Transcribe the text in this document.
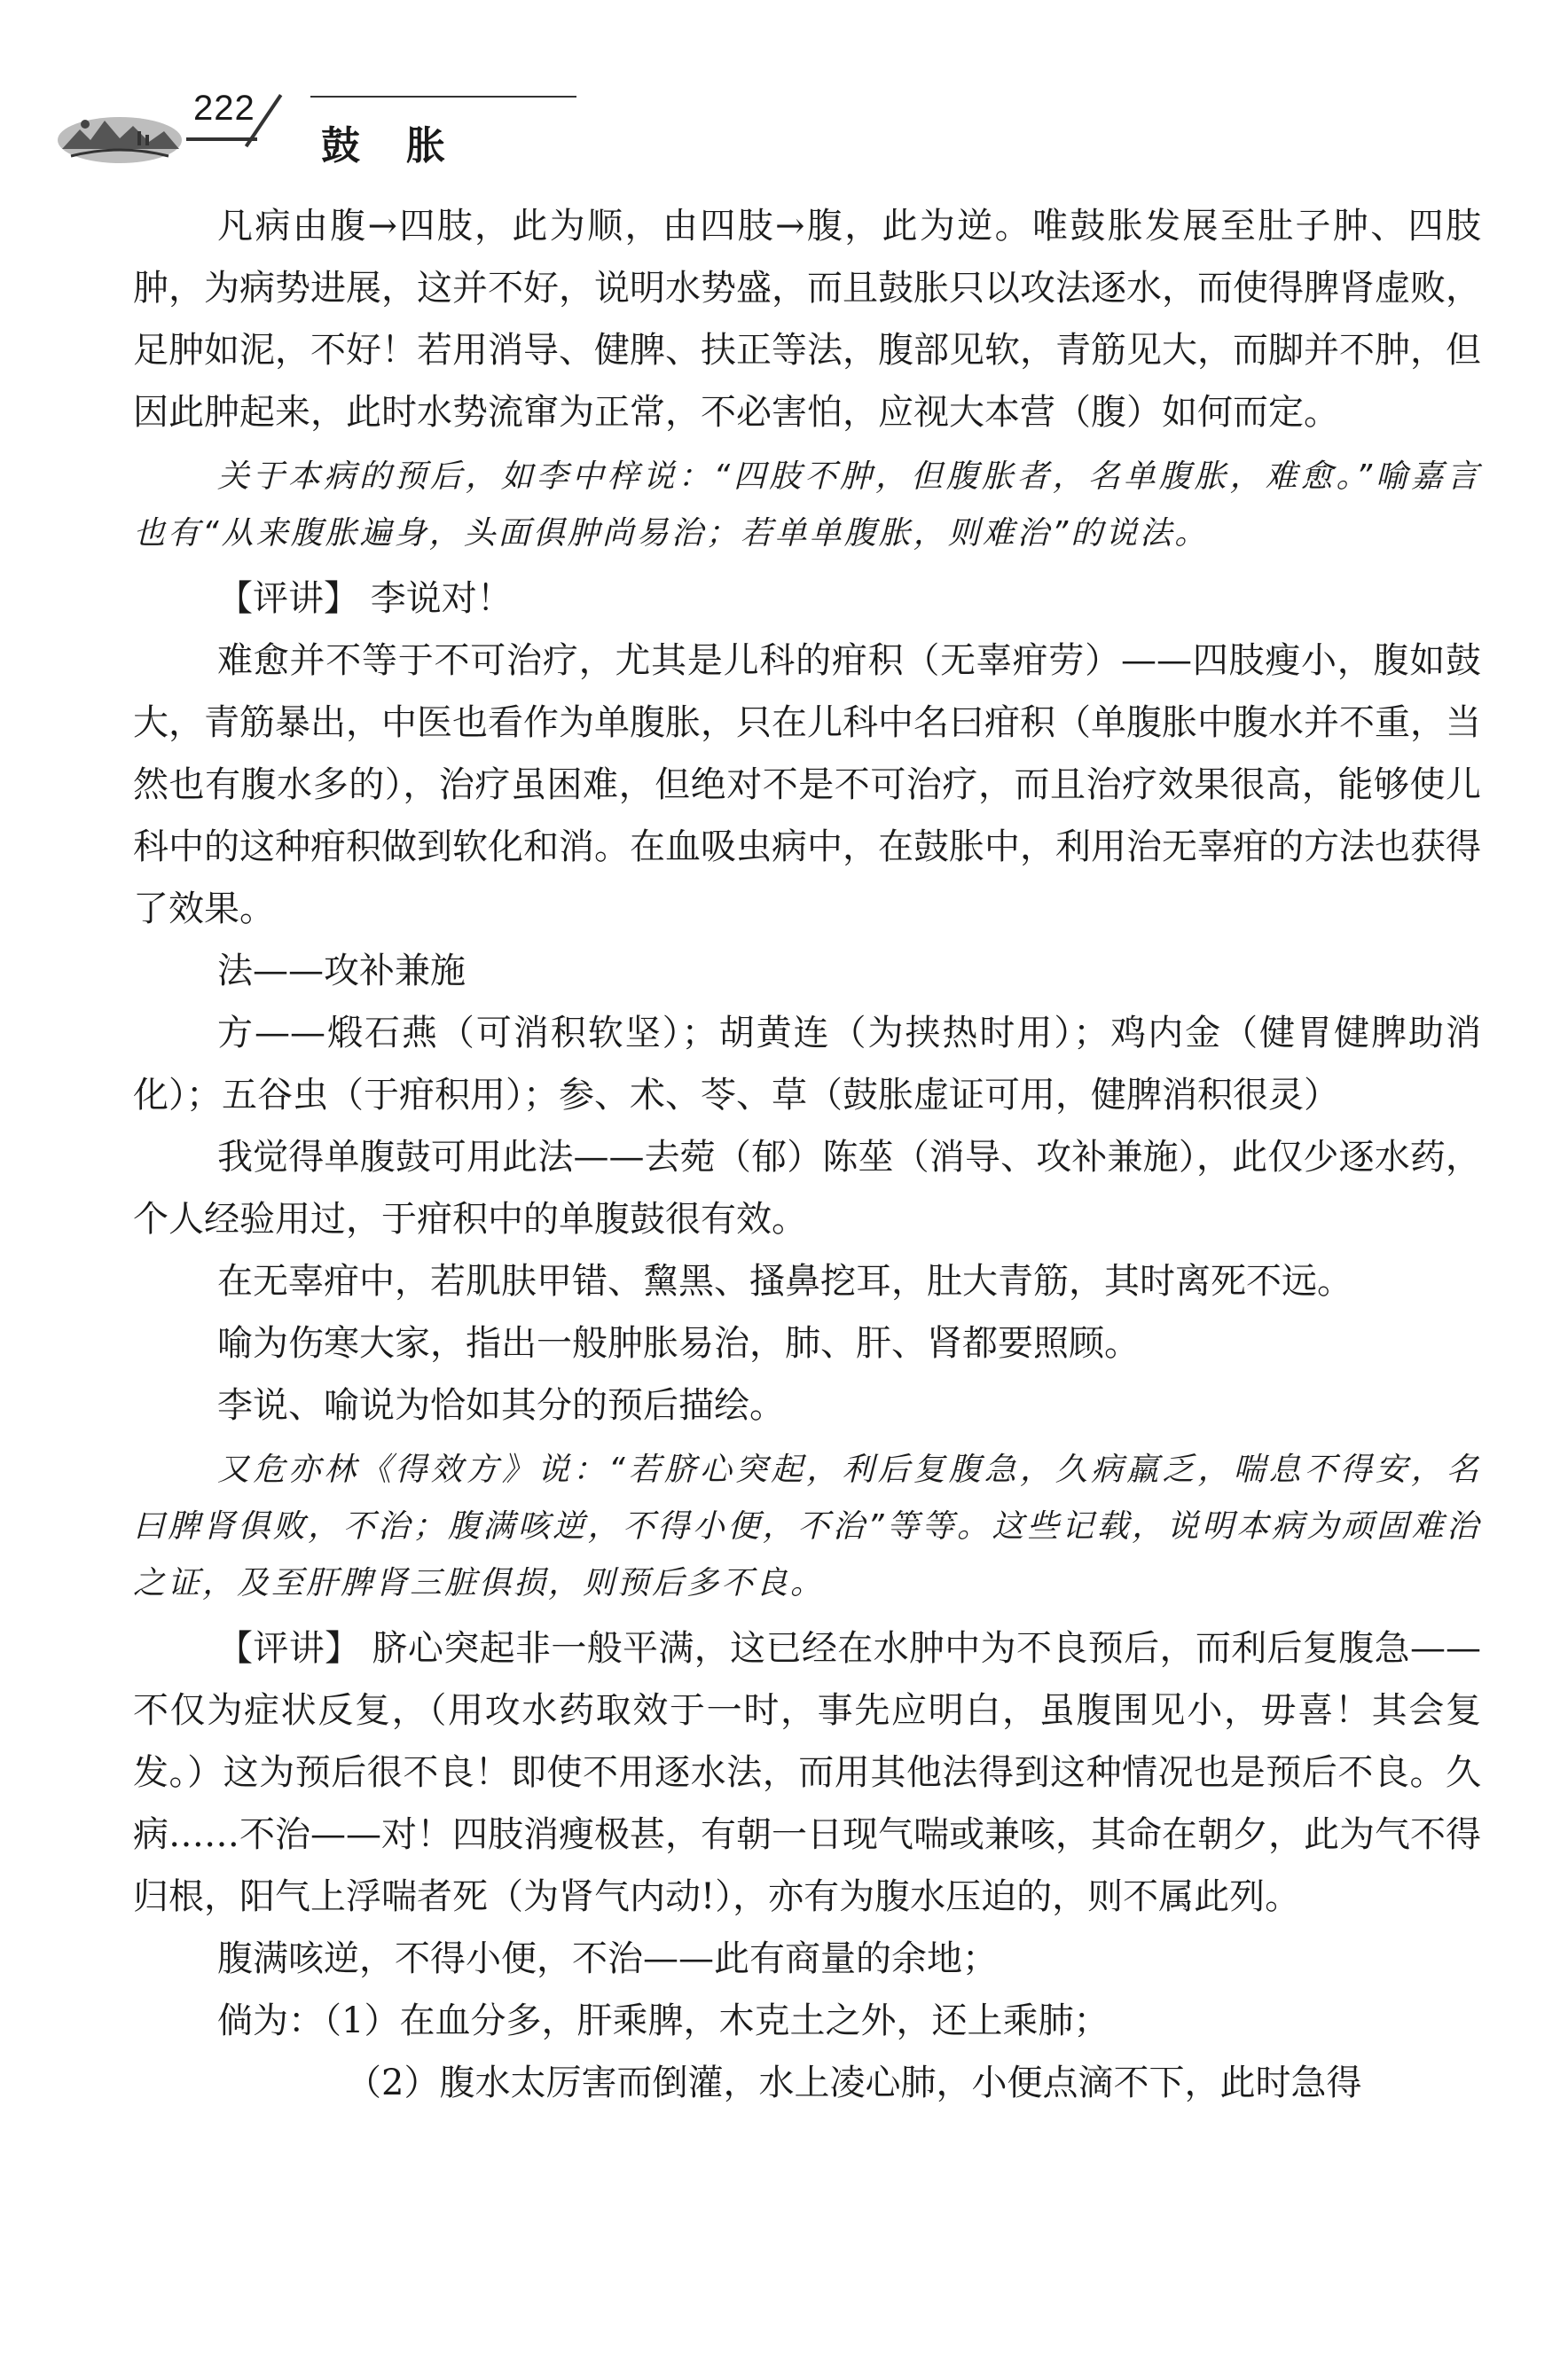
222
鼓胀

凡病由腹→四肢，此为顺，由四肢→腹，此为逆。唯鼓胀发展至肚子肿、四肢肿，为病势进展，这并不好，说明水势盛，而且鼓胀只以攻法逐水，而使得脾肾虚败，足肿如泥，不好！若用消导、健脾、扶正等法，腹部见软，青筋见大，而脚并不肿，但因此肿起来，此时水势流窜为正常，不必害怕，应视大本营（腹）如何而定。

关于本病的预后，如李中梓说：“四肢不肿，但腹胀者，名单腹胀，难愈。”喻嘉言也有“从来腹胀遍身，头面俱肿尚易治；若单单腹胀，则难治”的说法。

【评讲】 李说对！

难愈并不等于不可治疗，尤其是儿科的疳积（无辜疳劳）——四肢瘦小，腹如鼓大，青筋暴出，中医也看作为单腹胀，只在儿科中名曰疳积（单腹胀中腹水并不重，当然也有腹水多的），治疗虽困难，但绝对不是不可治疗，而且治疗效果很高，能够使儿科中的这种疳积做到软化和消。在血吸虫病中，在鼓胀中，利用治无辜疳的方法也获得了效果。

法——攻补兼施

方——煅石燕（可消积软坚）；胡黄连（为挟热时用）；鸡内金（健胃健脾助消化）；五谷虫（于疳积用）；参、术、苓、草（鼓胀虚证可用，健脾消积很灵）

我觉得单腹鼓可用此法——去菀（郁）陈莝（消导、攻补兼施），此仅少逐水药，个人经验用过，于疳积中的单腹鼓很有效。

在无辜疳中，若肌肤甲错、黧黑、搔鼻挖耳，肚大青筋，其时离死不远。

喻为伤寒大家，指出一般肿胀易治，肺、肝、肾都要照顾。

李说、喻说为恰如其分的预后描绘。

又危亦林《得效方》说：“若脐心突起，利后复腹急，久病羸乏，喘息不得安，名曰脾肾俱败，不治；腹满咳逆，不得小便，不治”等等。这些记载，说明本病为顽固难治之证，及至肝脾肾三脏俱损，则预后多不良。

【评讲】 脐心突起非一般平满，这已经在水肿中为不良预后，而利后复腹急——不仅为症状反复，（用攻水药取效于一时，事先应明白，虽腹围见小，毋喜！其会复发。）这为预后很不良！即使不用逐水法，而用其他法得到这种情况也是预后不良。久病……不治——对！四肢消瘦极甚，有朝一日现气喘或兼咳，其命在朝夕，此为气不得归根，阳气上浮喘者死（为肾气内动!），亦有为腹水压迫的，则不属此列。

腹满咳逆，不得小便，不治——此有商量的余地；

倘为：（1）在血分多，肝乘脾，木克土之外，还上乘肺；

（2）腹水太厉害而倒灌，水上凌心肺，小便点滴不下，此时急得
